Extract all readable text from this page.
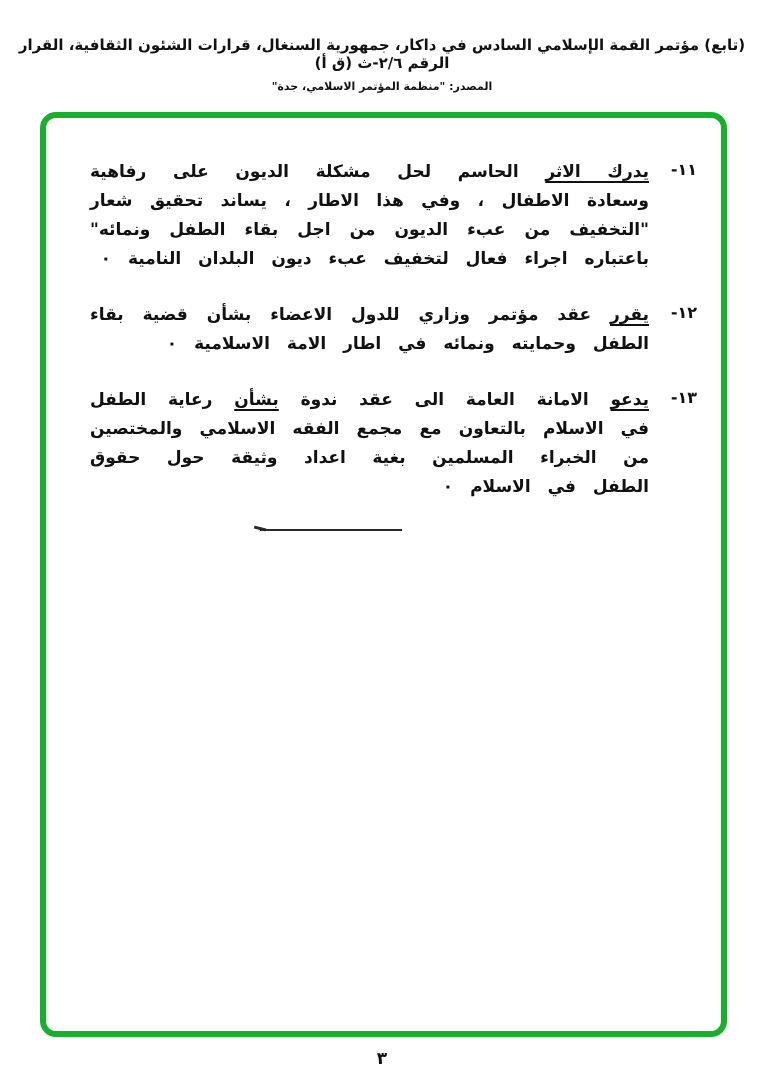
(تابع) مؤتمر القمة الإسلامي السادس في داكار، جمهورية السنغال، قرارات الشئون الثقافية، القرار الرقم ٢/٦-ث (ق أ)
المصدر: "منظمة المؤتمر الاسلامي، جدة"
١١-

يدرك الاثر الحاسم لحل مشكلة الديون على رفاهية وسعادة الاطفال ، وفي هذا الاطار ، يساند تحقيق شعار "التخفيف من عبء الديون من اجل بقاء الطفل ونمائه" باعتباره اجراء فعال لتخفيف عبء ديون البلدان النامية ٠

١٢-

يقرر عقد مؤتمر وزاري للدول الاعضاء بشأن قضية بقاء الطفل وحمايته ونمائه في اطار الامة الاسلامية ٠

١٣-

يدعو الامانة العامة الى عقد ندوة بشأن رعاية الطفل في الاسلام بالتعاون مع مجمع الفقه الاسلامي والمختصين من الخبراء المسلمين بغية اعداد وثيقة حول حقوق الطفل في الاسلام ٠

٣
